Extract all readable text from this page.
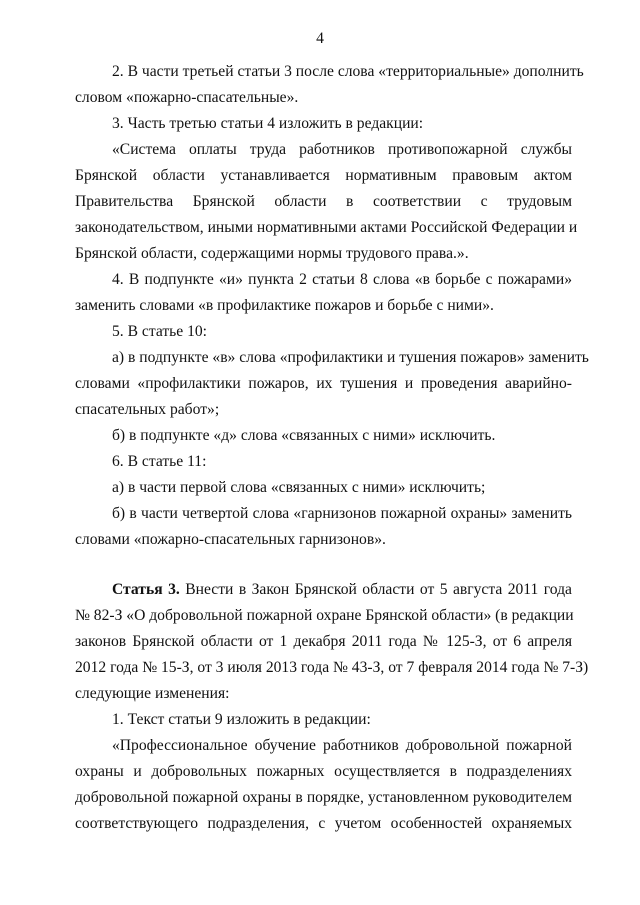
4
2. В части третьей статьи 3 после слова «территориальные» дополнить
словом «пожарно-спасательные».
3. Часть третью статьи 4 изложить в редакции:
«Система оплаты труда работников противопожарной службы
Брянской области устанавливается нормативным правовым актом
Правительства Брянской области в соответствии с трудовым
законодательством, иными нормативными актами Российской Федерации и
Брянской области, содержащими нормы трудового права.».
4. В подпункте «и» пункта 2 статьи 8 слова «в борьбе с пожарами»
заменить словами «в профилактике пожаров и борьбе с ними».
5. В статье 10:
а) в подпункте «в» слова «профилактики и тушения пожаров» заменить
словами «профилактики пожаров, их тушения и проведения аварийно-
спасательных работ»;
б) в подпункте «д» слова «связанных с ними» исключить.
6. В статье 11:
а) в части первой слова «связанных с ними» исключить;
б) в части четвертой слова «гарнизонов пожарной охраны» заменить
словами «пожарно-спасательных гарнизонов».
Статья 3. Внести в Закон Брянской области от 5 августа 2011 года
№ 82-З «О добровольной пожарной охране Брянской области» (в редакции
законов Брянской области от 1 декабря 2011 года № 125-З, от 6 апреля
2012 года № 15-З, от 3 июля 2013 года № 43-З, от 7 февраля 2014 года № 7-З)
следующие изменения:
1. Текст статьи 9 изложить в редакции:
«Профессиональное обучение работников добровольной пожарной
охраны и добровольных пожарных осуществляется в подразделениях
добровольной пожарной охраны в порядке, установленном руководителем
соответствующего подразделения, с учетом особенностей охраняемых
